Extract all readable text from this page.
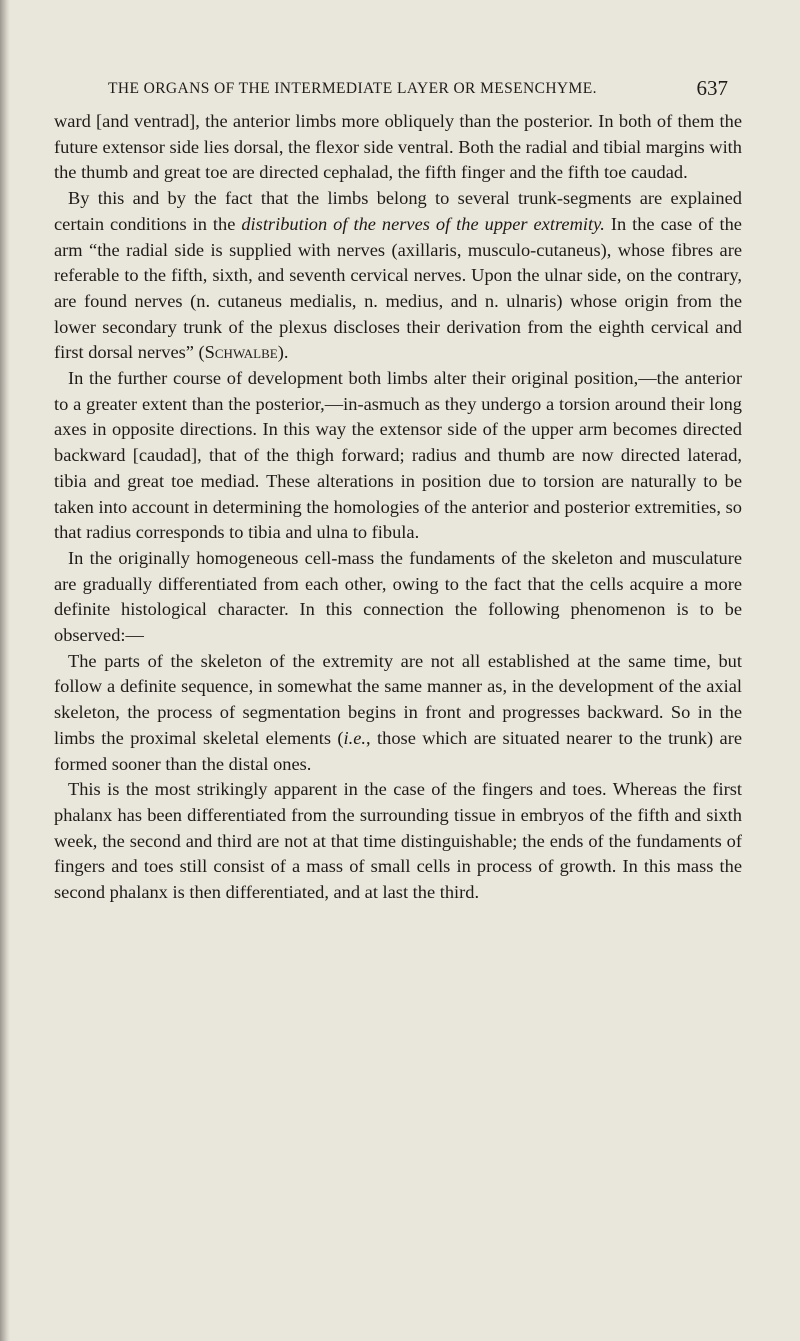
THE ORGANS OF THE INTERMEDIATE LAYER OR MESENCHYME.	637

ward [and ventrad], the anterior limbs more obliquely than the posterior. In both of them the future extensor side lies dorsal, the flexor side ventral. Both the radial and tibial margins with the thumb and great toe are directed cephalad, the fifth finger and the fifth toe caudad.

By this and by the fact that the limbs belong to several trunk-segments are explained certain conditions in the distribution of the nerves of the upper extremity. In the case of the arm “the radial side is supplied with nerves (axillaris, musculo-cutaneus), whose fibres are referable to the fifth, sixth, and seventh cervical nerves. Upon the ulnar side, on the contrary, are found nerves (n. cutaneus medialis, n. medius, and n. ulnaris) whose origin from the lower secondary trunk of the plexus discloses their derivation from the eighth cervical and first dorsal nerves” (Schwalbe).

In the further course of development both limbs alter their original position,—the anterior to a greater extent than the posterior,—in-asmuch as they undergo a torsion around their long axes in opposite directions. In this way the extensor side of the upper arm becomes directed backward [caudad], that of the thigh forward; radius and thumb are now directed laterad, tibia and great toe mediad. These alterations in position due to torsion are naturally to be taken into account in determining the homologies of the anterior and posterior extremities, so that radius corresponds to tibia and ulna to fibula.

In the originally homogeneous cell-mass the fundaments of the skeleton and musculature are gradually differentiated from each other, owing to the fact that the cells acquire a more definite histological character. In this connection the following phenomenon is to be observed:—

The parts of the skeleton of the extremity are not all established at the same time, but follow a definite sequence, in somewhat the same manner as, in the development of the axial skeleton, the process of segmentation begins in front and progresses backward. So in the limbs the proximal skeletal elements (i.e., those which are situated nearer to the trunk) are formed sooner than the distal ones.

This is the most strikingly apparent in the case of the fingers and toes. Whereas the first phalanx has been differentiated from the surrounding tissue in embryos of the fifth and sixth week, the second and third are not at that time distinguishable; the ends of the fundaments of fingers and toes still consist of a mass of small cells in process of growth. In this mass the second phalanx is then differentiated, and at last the third.
